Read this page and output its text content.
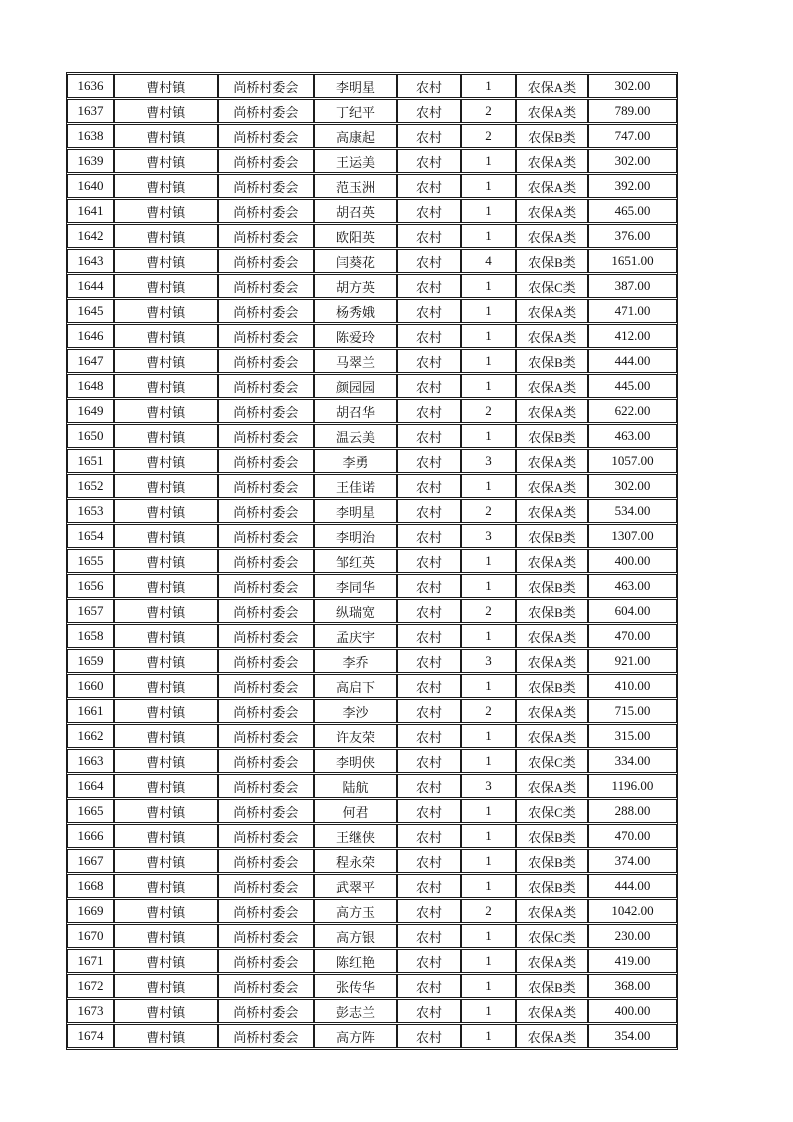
1636	曹村镇	尚桥村委会	李明星	农村	1	农保A类	302.00
1637	曹村镇	尚桥村委会	丁纪平	农村	2	农保A类	789.00
1638	曹村镇	尚桥村委会	高康起	农村	2	农保B类	747.00
1639	曹村镇	尚桥村委会	王运美	农村	1	农保A类	302.00
1640	曹村镇	尚桥村委会	范玉洲	农村	1	农保A类	392.00
1641	曹村镇	尚桥村委会	胡召英	农村	1	农保A类	465.00
1642	曹村镇	尚桥村委会	欧阳英	农村	1	农保A类	376.00
1643	曹村镇	尚桥村委会	闫葵花	农村	4	农保B类	1651.00
1644	曹村镇	尚桥村委会	胡方英	农村	1	农保C类	387.00
1645	曹村镇	尚桥村委会	杨秀娥	农村	1	农保A类	471.00
1646	曹村镇	尚桥村委会	陈爱玲	农村	1	农保A类	412.00
1647	曹村镇	尚桥村委会	马翠兰	农村	1	农保B类	444.00
1648	曹村镇	尚桥村委会	颜园园	农村	1	农保A类	445.00
1649	曹村镇	尚桥村委会	胡召华	农村	2	农保A类	622.00
1650	曹村镇	尚桥村委会	温云美	农村	1	农保B类	463.00
1651	曹村镇	尚桥村委会	李勇	农村	3	农保A类	1057.00
1652	曹村镇	尚桥村委会	王佳诺	农村	1	农保A类	302.00
1653	曹村镇	尚桥村委会	李明星	农村	2	农保A类	534.00
1654	曹村镇	尚桥村委会	李明治	农村	3	农保B类	1307.00
1655	曹村镇	尚桥村委会	邹红英	农村	1	农保A类	400.00
1656	曹村镇	尚桥村委会	李同华	农村	1	农保B类	463.00
1657	曹村镇	尚桥村委会	纵瑞宽	农村	2	农保B类	604.00
1658	曹村镇	尚桥村委会	孟庆宇	农村	1	农保A类	470.00
1659	曹村镇	尚桥村委会	李乔	农村	3	农保A类	921.00
1660	曹村镇	尚桥村委会	高启下	农村	1	农保B类	410.00
1661	曹村镇	尚桥村委会	李沙	农村	2	农保A类	715.00
1662	曹村镇	尚桥村委会	许友荣	农村	1	农保A类	315.00
1663	曹村镇	尚桥村委会	李明侠	农村	1	农保C类	334.00
1664	曹村镇	尚桥村委会	陆航	农村	3	农保A类	1196.00
1665	曹村镇	尚桥村委会	何君	农村	1	农保C类	288.00
1666	曹村镇	尚桥村委会	王继侠	农村	1	农保B类	470.00
1667	曹村镇	尚桥村委会	程永荣	农村	1	农保B类	374.00
1668	曹村镇	尚桥村委会	武翠平	农村	1	农保B类	444.00
1669	曹村镇	尚桥村委会	高方玉	农村	2	农保A类	1042.00
1670	曹村镇	尚桥村委会	高方银	农村	1	农保C类	230.00
1671	曹村镇	尚桥村委会	陈红艳	农村	1	农保A类	419.00
1672	曹村镇	尚桥村委会	张传华	农村	1	农保B类	368.00
1673	曹村镇	尚桥村委会	彭志兰	农村	1	农保A类	400.00
1674	曹村镇	尚桥村委会	高方阵	农村	1	农保A类	354.00
